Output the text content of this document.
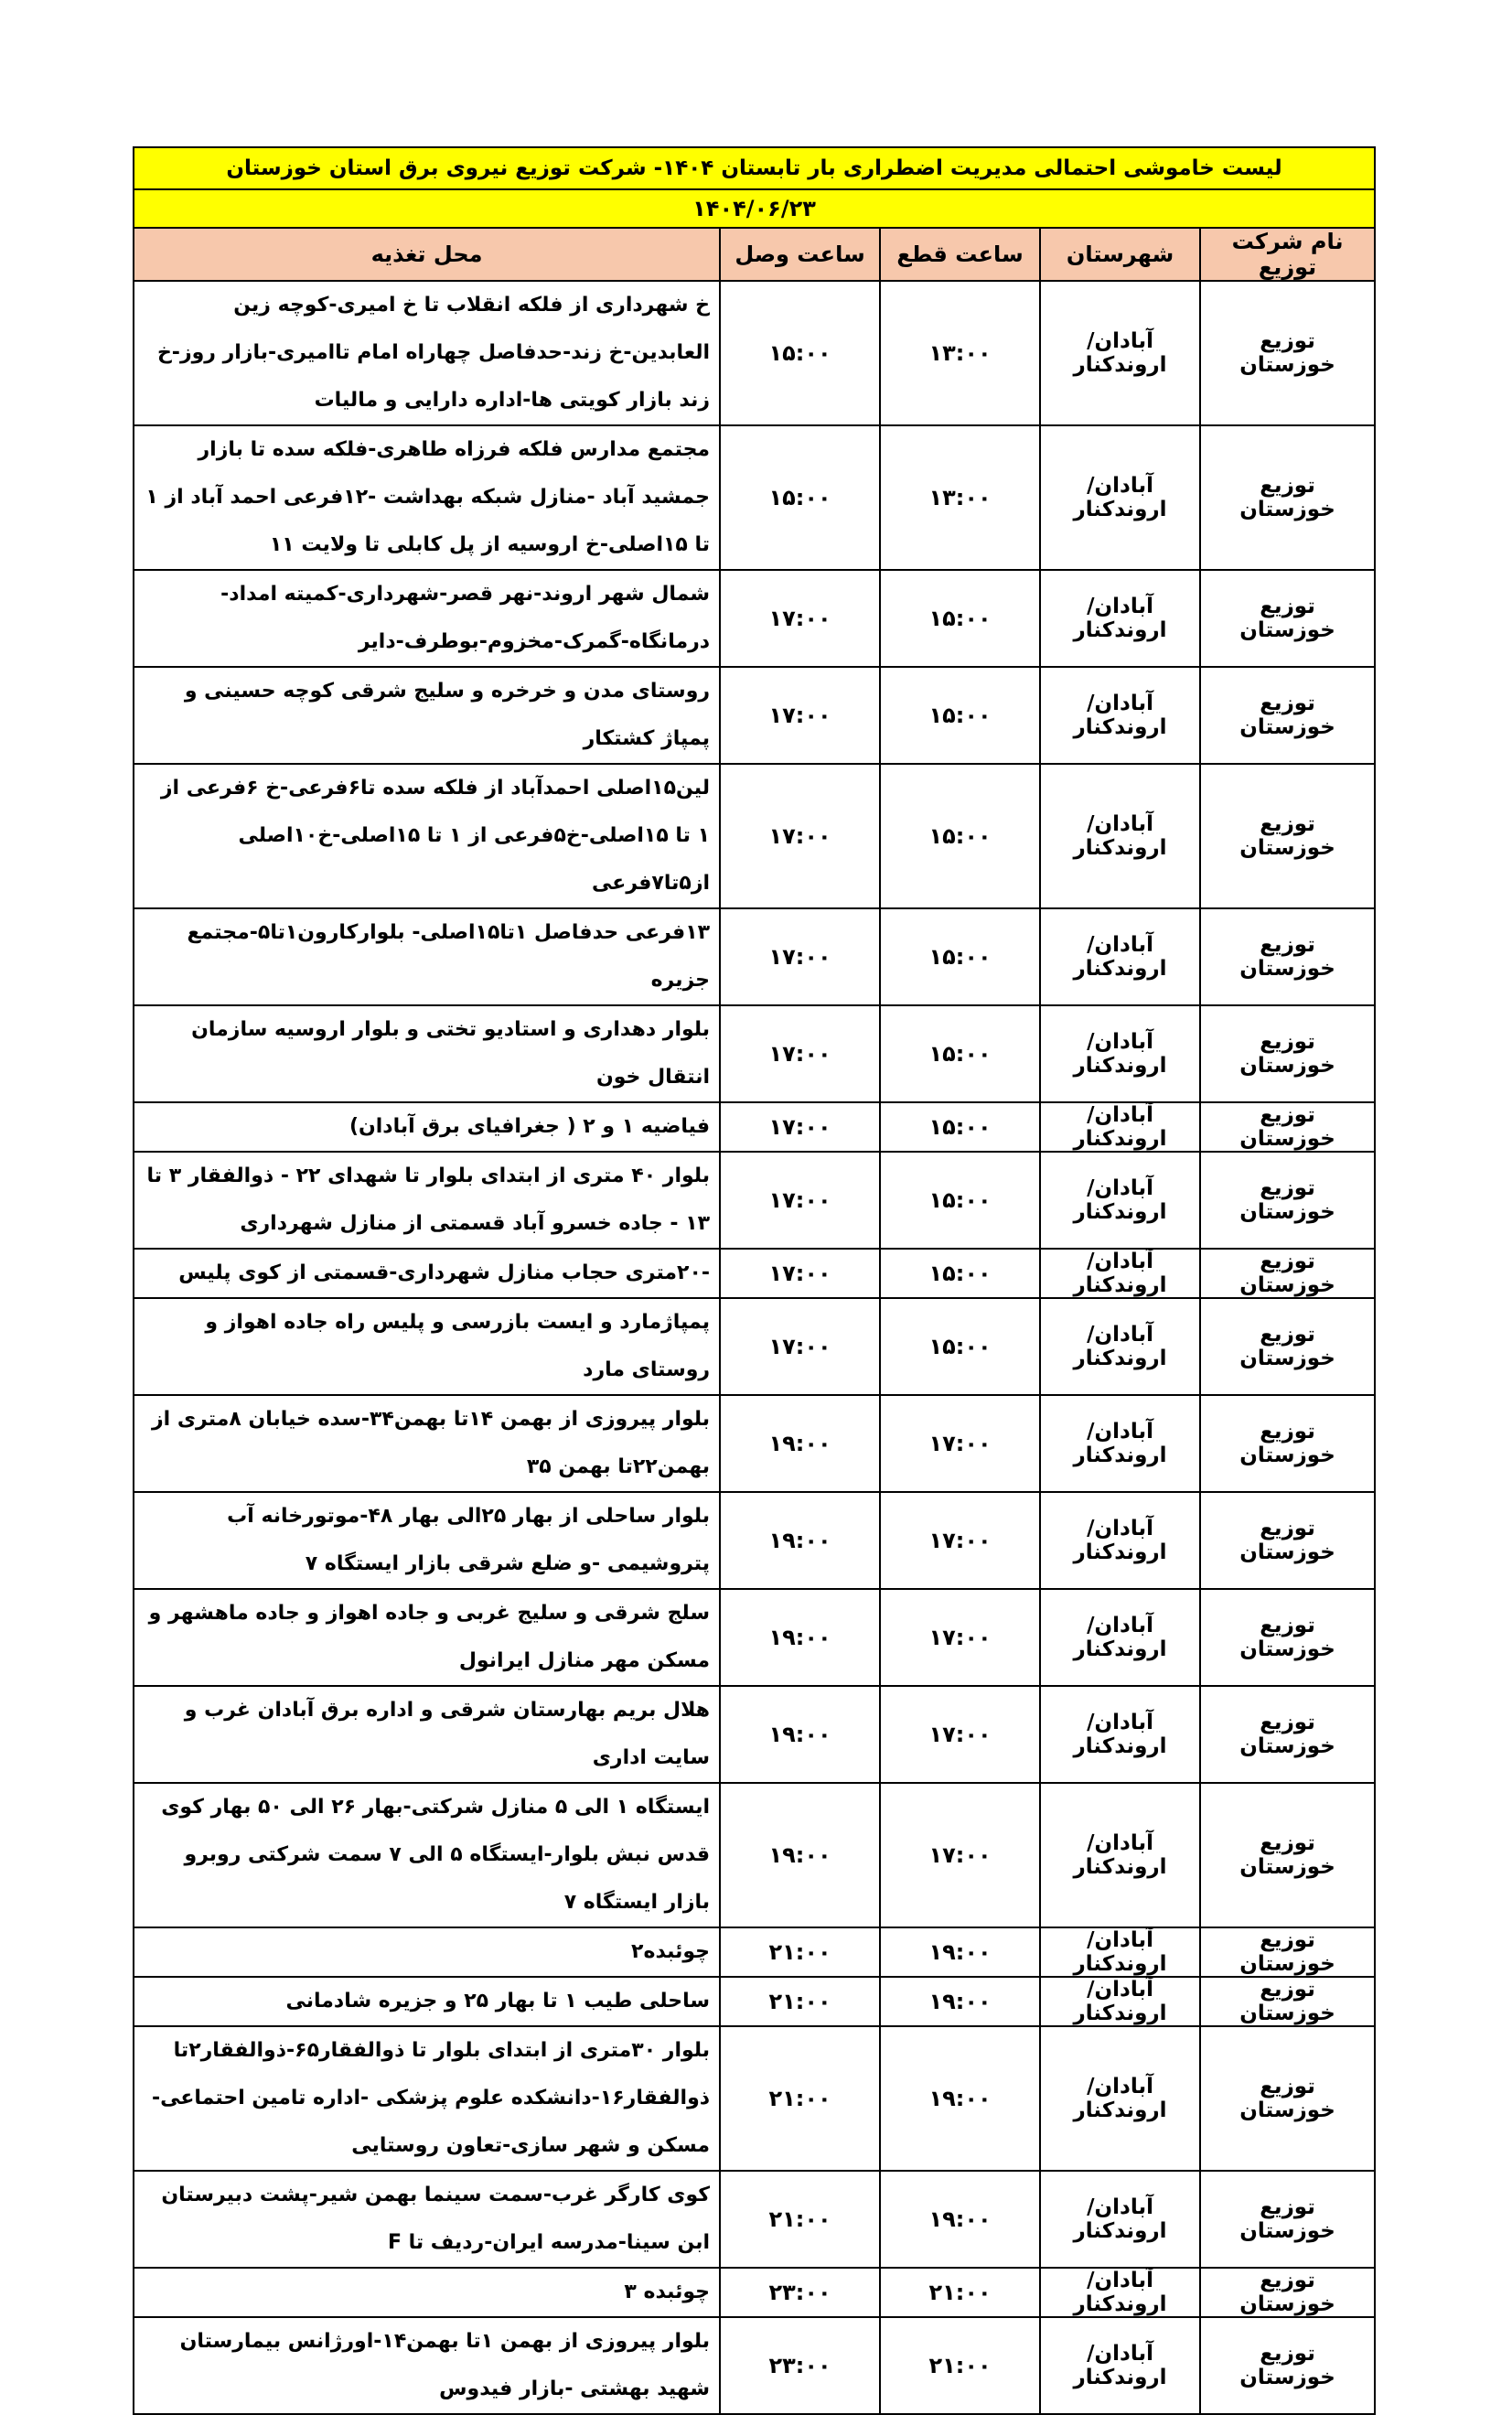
لیست خاموشی احتمالی مدیریت اضطراری بار تابستان ۱۴۰۴- شرکت توزیع نیروی برق استان خوزستان				
۱۴۰۴/۰۶/۲۳				
نام شرکت توزیع	شهرستان	ساعت قطع	ساعت وصل	محل تغذیه
توزیع خوزستان	آبادان/اروندکنار	۱۳:۰۰	۱۵:۰۰	خ شهرداری از فلکه انقلاب تا خ امیری-کوچه زین العابدین-خ زند-حدفاصل چهاراه امام تاامیری-بازار روز-خ زند بازار کویتی ها-اداره دارایی و مالیات
توزیع خوزستان	آبادان/اروندکنار	۱۳:۰۰	۱۵:۰۰	مجتمع مدارس فلکه فرزاه طاهری-فلکه سده تا بازار جمشید آباد -منازل شبکه بهداشت -۱۲فرعی احمد آباد از ۱ تا ۱۵اصلی-خ اروسیه از پل کابلی تا ولایت ۱۱
توزیع خوزستان	آبادان/اروندکنار	۱۵:۰۰	۱۷:۰۰	شمال شهر اروند-نهر قصر-شهرداری-کمیته امداد-درمانگاه-گمرک-مخزوم-بوطرف-دایر
توزیع خوزستان	آبادان/اروندکنار	۱۵:۰۰	۱۷:۰۰	روستای مدن و خرخره و سلیج شرقی کوچه حسینی و پمپاژ کشتکار
توزیع خوزستان	آبادان/اروندکنار	۱۵:۰۰	۱۷:۰۰	لین۱۵اصلی احمدآباد از فلکه سده تا۶فرعی-خ ۶فرعی از ۱ تا ۱۵اصلی-خ۵فرعی از ۱ تا ۱۵اصلی-خ۱۰اصلی از۵تا۷فرعی
توزیع خوزستان	آبادان/اروندکنار	۱۵:۰۰	۱۷:۰۰	۱۳فرعی حدفاصل ۱تا۱۵اصلی- بلوارکارون۱تا۵-مجتمع جزیره
توزیع خوزستان	آبادان/اروندکنار	۱۵:۰۰	۱۷:۰۰	بلوار دهداری و استادیو تختی و بلوار اروسیه سازمان انتقال خون
توزیع خوزستان	آبادان/اروندکنار	۱۵:۰۰	۱۷:۰۰	فیاضیه ۱ و ۲ ( جغرافیای برق آبادان)
توزیع خوزستان	آبادان/اروندکنار	۱۵:۰۰	۱۷:۰۰	بلوار ۴۰ متری از ابتدای بلوار تا شهدای ۲۲ - ذوالفقار ۳ تا ۱۳ - جاده خسرو آباد قسمتی از منازل شهرداری
توزیع خوزستان	آبادان/اروندکنار	۱۵:۰۰	۱۷:۰۰	-۲۰متری حجاب منازل شهرداری-قسمتی از کوی پلیس
توزیع خوزستان	آبادان/اروندکنار	۱۵:۰۰	۱۷:۰۰	پمپاژمارد و ایست بازرسی و پلیس راه جاده اهواز و روستای مارد
توزیع خوزستان	آبادان/اروندکنار	۱۷:۰۰	۱۹:۰۰	بلوار پیروزی از بهمن ۱۴تا بهمن۳۴-سده خیابان ۸متری از بهمن۲۲تا بهمن ۳۵
توزیع خوزستان	آبادان/اروندکنار	۱۷:۰۰	۱۹:۰۰	بلوار ساحلی از بهار ۲۵الی بهار ۴۸-موتورخانه آب پتروشیمی -و ضلع شرقی بازار ایستگاه ۷
توزیع خوزستان	آبادان/اروندکنار	۱۷:۰۰	۱۹:۰۰	سلج شرقی و سلیج غربی و جاده اهواز و جاده ماهشهر و مسکن مهر منازل ایرانول
توزیع خوزستان	آبادان/اروندکنار	۱۷:۰۰	۱۹:۰۰	هلال بریم بهارستان شرقی و اداره برق آبادان غرب و سایت اداری
توزیع خوزستان	آبادان/اروندکنار	۱۷:۰۰	۱۹:۰۰	ایستگاه ۱ الی ۵ منازل شرکتی-بهار ۲۶ الی ۵۰ بهار کوی قدس نبش بلوار-ایستگاه ۵ الی ۷ سمت شرکتی روبرو بازار ایستگاه ۷
توزیع خوزستان	آبادان/اروندکنار	۱۹:۰۰	۲۱:۰۰	چوئبده۲
توزیع خوزستان	آبادان/اروندکنار	۱۹:۰۰	۲۱:۰۰	ساحلی طیب ۱ تا بهار ۲۵ و جزیره شادمانی
توزیع خوزستان	آبادان/اروندکنار	۱۹:۰۰	۲۱:۰۰	بلوار ۳۰متری از ابتدای بلوار تا ذوالفقار۶۵-ذوالفقار۲تا ذوالفقار۱۶-دانشکده علوم پزشکی -اداره تامین احتماعی-مسکن و شهر سازی-تعاون روستایی
توزیع خوزستان	آبادان/اروندکنار	۱۹:۰۰	۲۱:۰۰	کوی کارگر غرب-سمت سینما بهمن شیر-پشت دبیرستان ابن سینا-مدرسه ایران-ردیف تا F
توزیع خوزستان	آبادان/اروندکنار	۲۱:۰۰	۲۳:۰۰	چوئبده ۳
توزیع خوزستان	آبادان/اروندکنار	۲۱:۰۰	۲۳:۰۰	بلوار پیروزی از بهمن ۱تا بهمن۱۴-اورژانس بیمارستان شهید بهشتی -بازار فیدوس
